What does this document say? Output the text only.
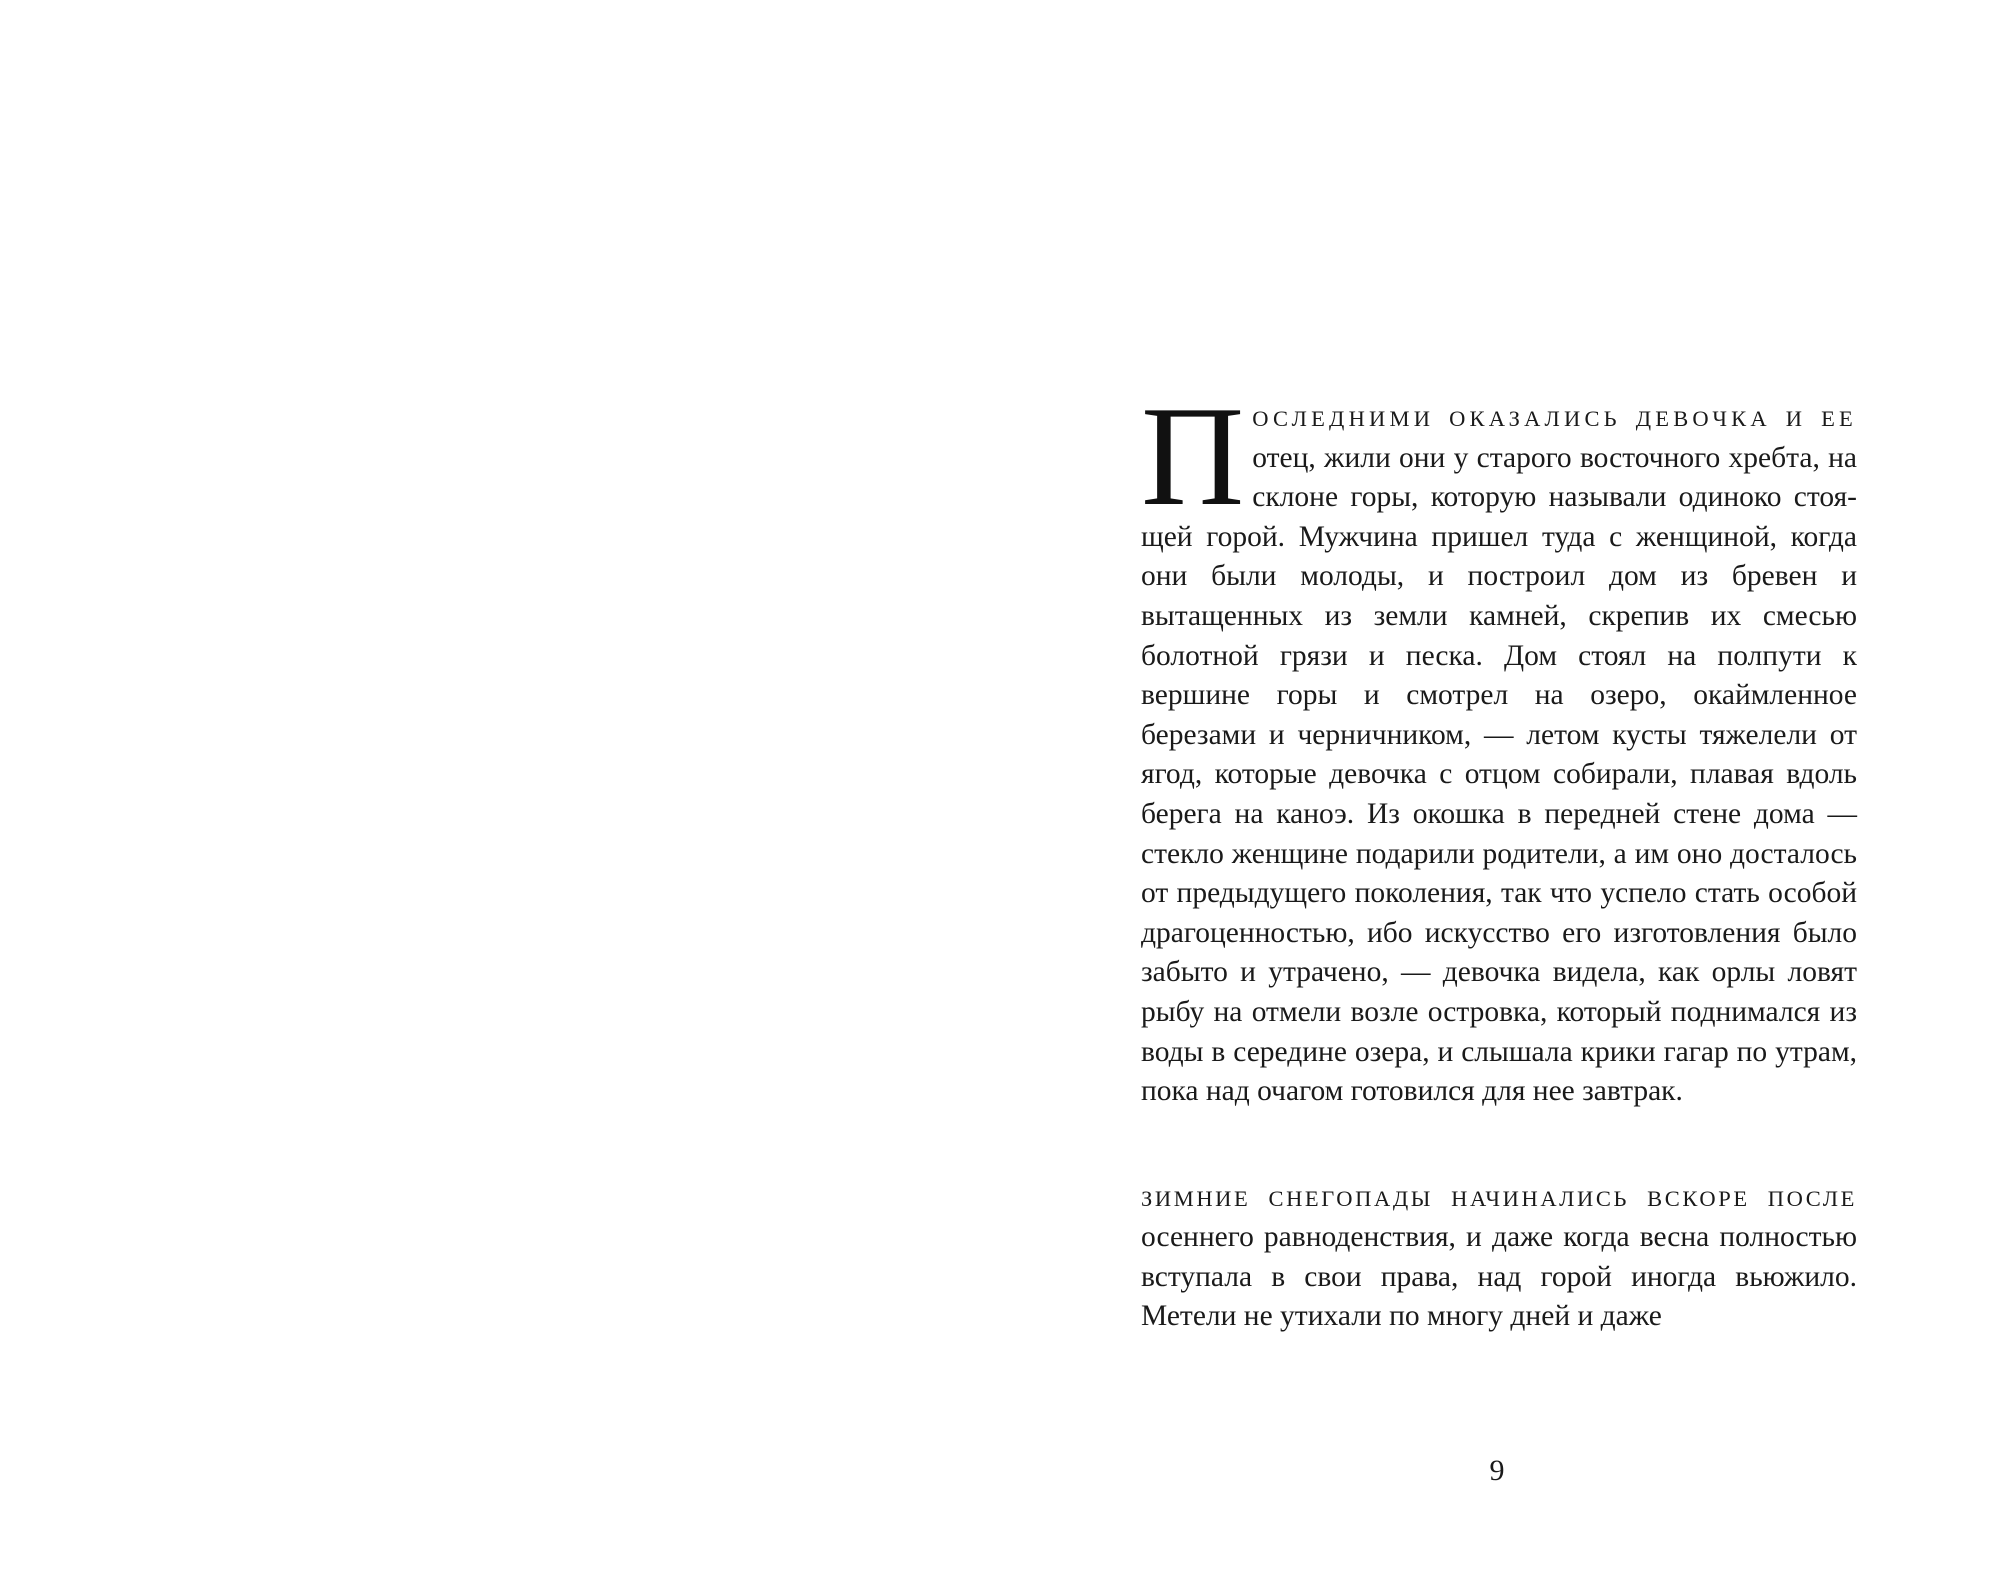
ПОСЛЕДНИМИ ОКАЗАЛИСЬ ДЕВОЧКА И ЕЕ отец, жили они у старого восточного хребта, на склоне горы, которую называли одиноко стоящей горой. Мужчина пришел туда с женщиной, когда они были молоды, и построил дом из бревен и вытащенных из земли камней, скрепив их смесью болотной грязи и песка. Дом стоял на полпути к вершине горы и смотрел на озеро, окаймленное березами и черничником, — летом кусты тяжелели от ягод, которые девочка с отцом собирали, плавая вдоль берега на каноэ. Из окошка в передней стене дома — стекло женщине подарили родители, а им оно досталось от предыдущего поколения, так что успело стать особой драгоценностью, ибо искусство его изготовления было забыто и утрачено, — девочка видела, как орлы ловят рыбу на отмели возле островка, который поднимался из воды в середине озера, и слышала крики гагар по утрам, пока над очагом готовился для нее завтрак.

ЗИМНИЕ СНЕГОПАДЫ НАЧИНАЛИСЬ ВСКОРЕ ПОСЛЕ осеннего равноденствия, и даже когда весна полностью вступала в свои права, над горой иногда вьюжило. Метели не утихали по многу дней и даже

9
